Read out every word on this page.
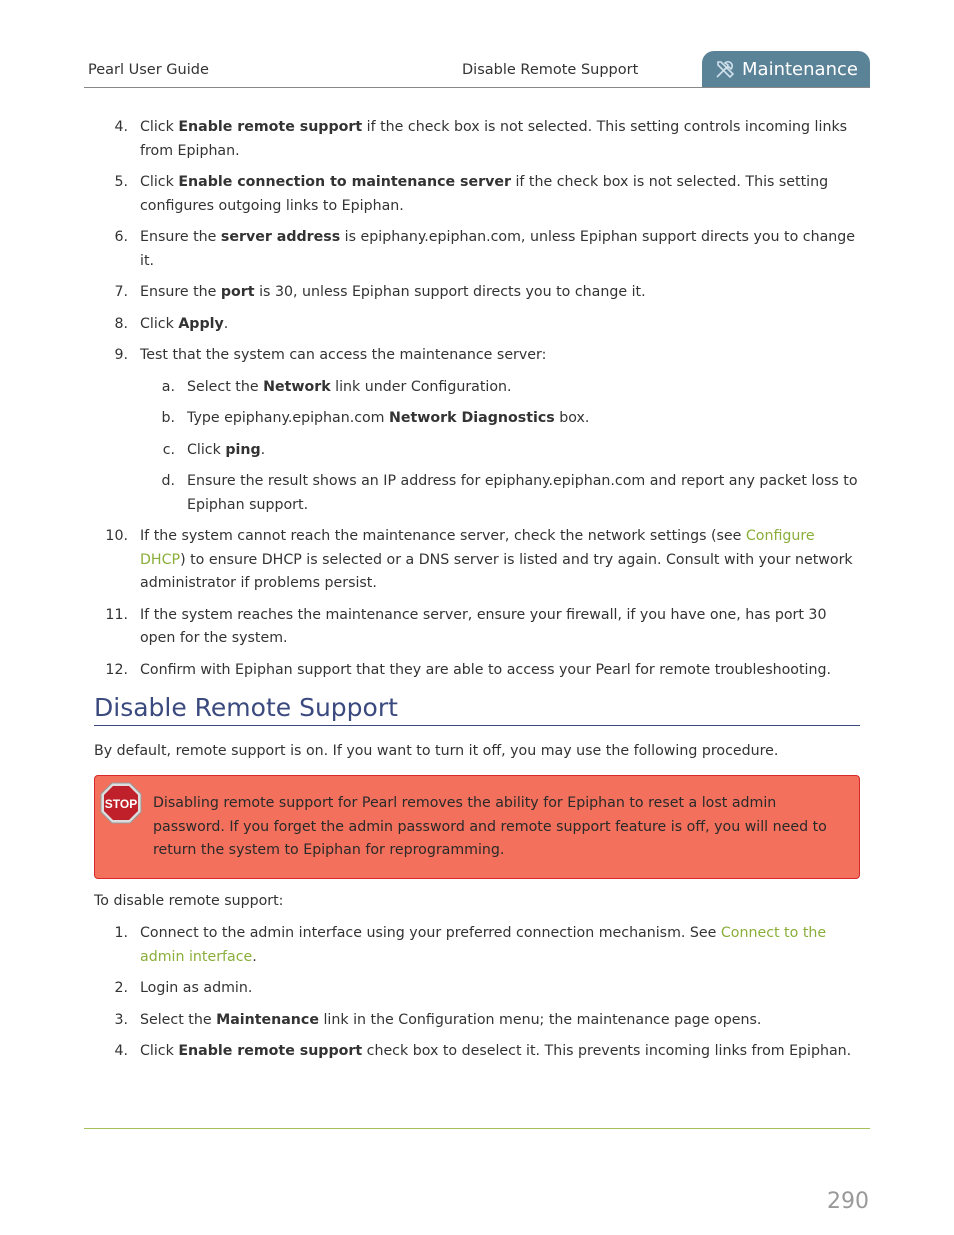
Pearl User Guide	Disable Remote Support	Maintenance
4. Click Enable remote support if the check box is not selected. This setting controls incoming links from Epiphan.
5. Click Enable connection to maintenance server if the check box is not selected. This setting configures outgoing links to Epiphan.
6. Ensure the server address is epiphany.epiphan.com, unless Epiphan support directs you to change it.
7. Ensure the port is 30, unless Epiphan support directs you to change it.
8. Click Apply.
9. Test that the system can access the maintenance server:
a. Select the Network link under Configuration.
b. Type epiphany.epiphan.com Network Diagnostics box.
c. Click ping.
d. Ensure the result shows an IP address for epiphany.epiphan.com and report any packet loss to Epiphan support.
10. If the system cannot reach the maintenance server, check the network settings (see Configure DHCP) to ensure DHCP is selected or a DNS server is listed and try again. Consult with your network administrator if problems persist.
11. If the system reaches the maintenance server, ensure your firewall, if you have one, has port 30 open for the system.
12. Confirm with Epiphan support that they are able to access your Pearl for remote troubleshooting.
Disable Remote Support
By default, remote support is on. If you want to turn it off, you may use the following procedure.
STOP Disabling remote support for Pearl removes the ability for Epiphan to reset a lost admin password. If you forget the admin password and remote support feature is off, you will need to return the system to Epiphan for reprogramming.
To disable remote support:
1. Connect to the admin interface using your preferred connection mechanism. See Connect to the admin interface.
2. Login as admin.
3. Select the Maintenance link in the Configuration menu; the maintenance page opens.
4. Click Enable remote support check box to deselect it. This prevents incoming links from Epiphan.
290
